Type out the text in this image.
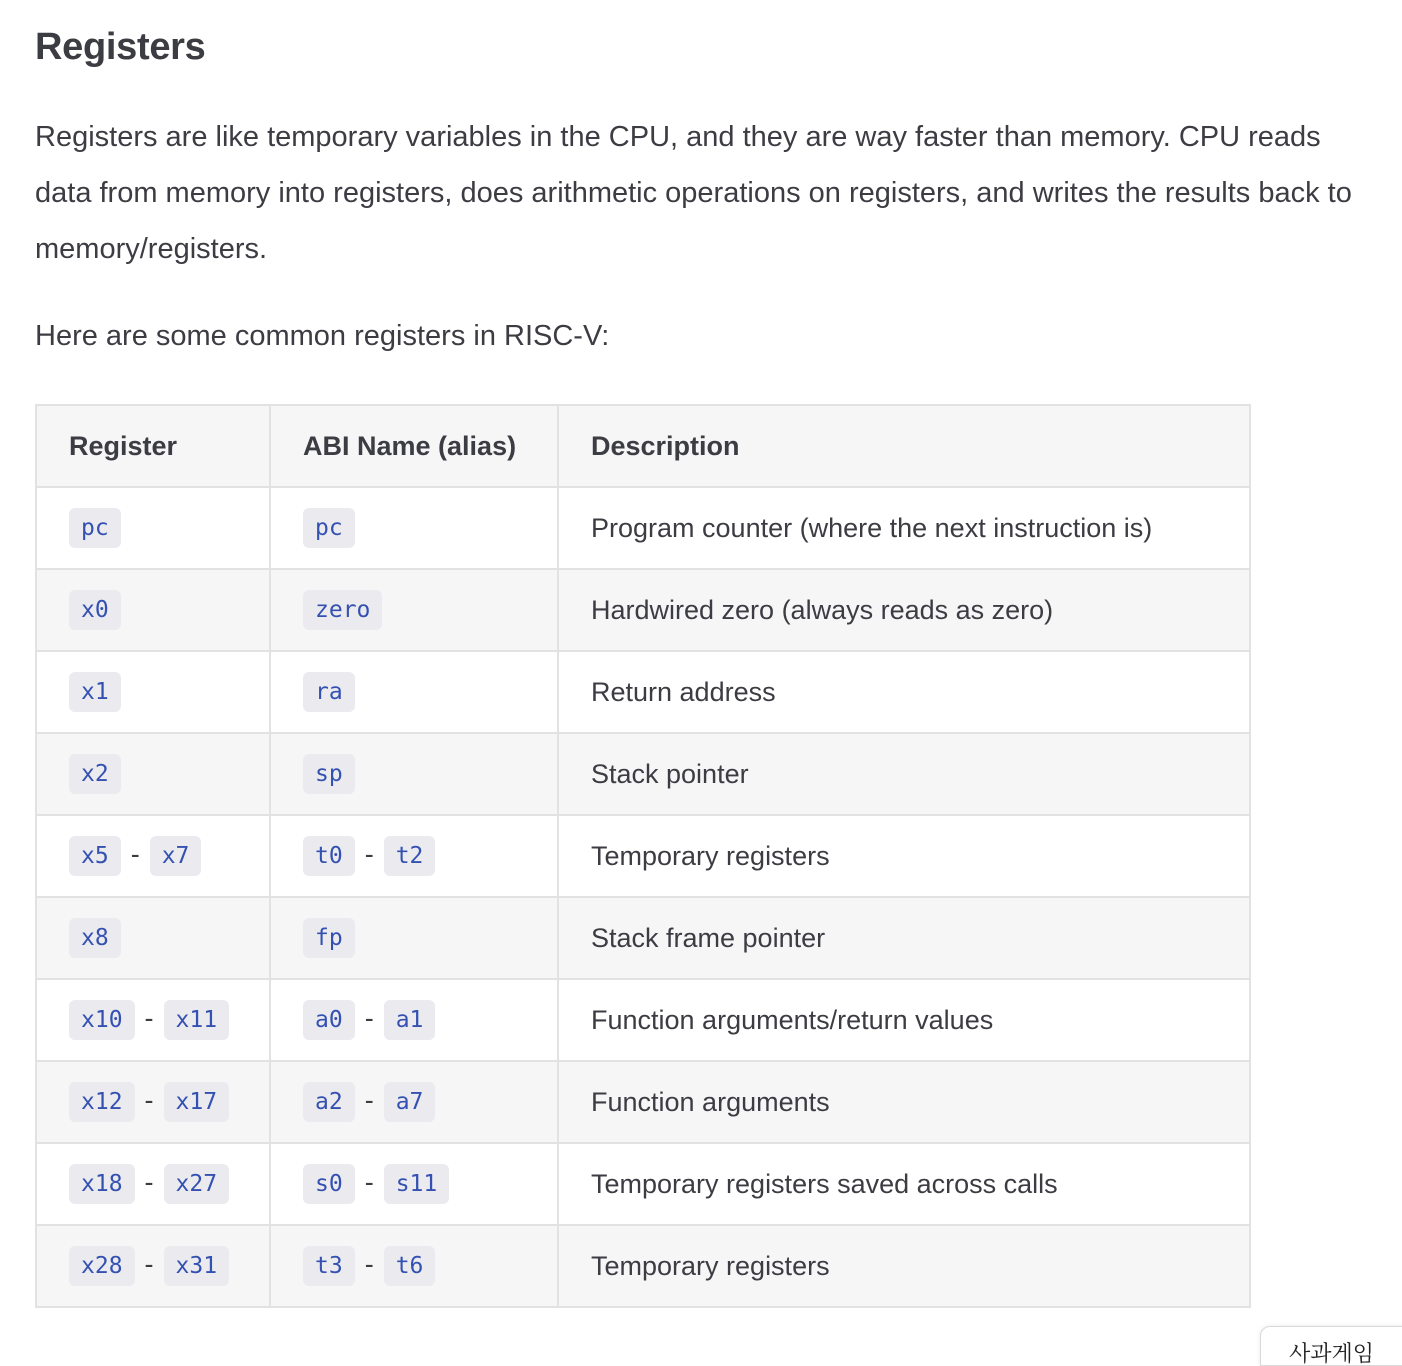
Registers

Registers are like temporary variables in the CPU, and they are way faster than memory. CPU reads data from memory into registers, does arithmetic operations on registers, and writes the results back to memory/registers.

Here are some common registers in RISC-V:

Register	ABI Name (alias)	Description
pc	pc	Program counter (where the next instruction is)
x0	zero	Hardwired zero (always reads as zero)
x1	ra	Return address
x2	sp	Stack pointer
x5 - x7	t0 - t2	Temporary registers
x8	fp	Stack frame pointer
x10 - x11	a0 - a1	Function arguments/return values
x12 - x17	a2 - a7	Function arguments
x18 - x27	s0 - s11	Temporary registers saved across calls
x28 - x31	t3 - t6	Temporary registers
사과게임
